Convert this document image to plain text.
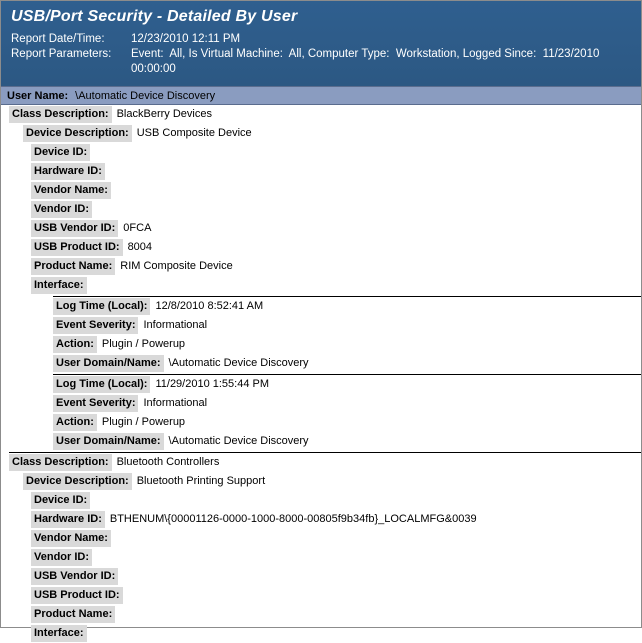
USB/Port Security - Detailed By User
Report Date/Time:	12/23/2010 12:11 PM
Report Parameters:	Event:  All, Is Virtual Machine:  All, Computer Type:  Workstation, Logged Since:  11/23/2010 00:00:00
User Name: \Automatic Device Discovery
Class Description: BlackBerry Devices
Device Description: USB Composite Device
Device ID:
Hardware ID:
Vendor Name:
Vendor ID:
USB Vendor ID: 0FCA
USB Product ID: 8004
Product Name: RIM Composite Device
Interface:
Log Time (Local): 12/8/2010 8:52:41 AM
Event Severity: Informational
Action: Plugin / Powerup
User Domain/Name: \Automatic Device Discovery
Log Time (Local): 11/29/2010 1:55:44 PM
Event Severity: Informational
Action: Plugin / Powerup
User Domain/Name: \Automatic Device Discovery
Class Description: Bluetooth Controllers
Device Description: Bluetooth Printing Support
Device ID:
Hardware ID: BTHENUM\{00001126-0000-1000-8000-00805f9b34fb}_LOCALMFG&0039
Vendor Name:
Vendor ID:
USB Vendor ID:
USB Product ID:
Product Name:
Interface:
